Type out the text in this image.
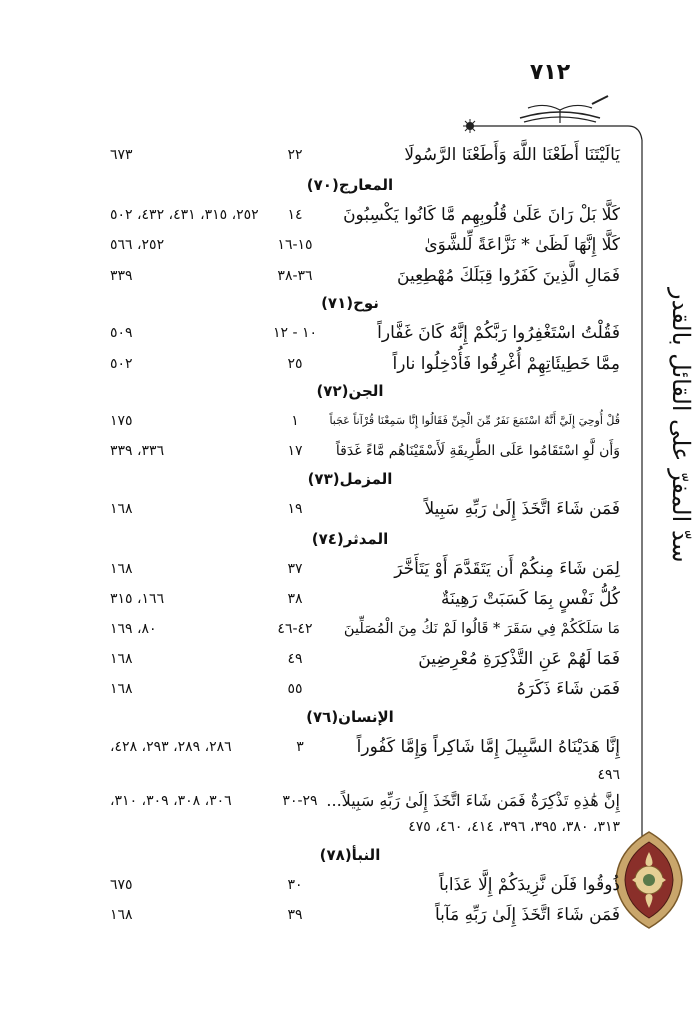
٧١٢
سدّ المفرّ على القائل بالقدر
٦٧٣	٢٢	يَالَيْتَنَا أَطَعْنَا اللَّهَ وَأَطَعْنَا الرَّسُولَا
المعارج(٧٠)
٢٥٢، ٣١٥، ٤٣١، ٤٣٢، ٥٠٢	١٤	كَلَّا بَلْ رَانَ عَلَىٰ قُلُوبِهِم مَّا كَانُوا يَكْسِبُونَ
٢٥٢، ٥٦٦	١٥-١٦	كَلَّا إِنَّهَا لَظَىٰ * نَزَّاعَةً لِّلشَّوَىٰ
٣٣٩	٣٦-٣٨	فَمَالِ الَّذِينَ كَفَرُوا قِبَلَكَ مُهْطِعِينَ
نوح(٧١)
٥٠٩	١٠ - ١٢	فَقُلْتُ اسْتَغْفِرُوا رَبَّكُمْ إِنَّهُ كَانَ غَفَّاراً
٥٠٢	٢٥	مِمَّا خَطِيئَاتِهِمْ أُغْرِقُوا فَأُدْخِلُوا ناراً
الجن(٧٢)
١٧٥	١	قُلْ أُوحِيَ إِلَيَّ أَنَّهُ اسْتَمَعَ نَفَرٌ مِّنَ الْجِنِّ فَقَالُوا إِنَّا سَمِعْنَا قُرْآناً عَجَباً
٣٣٦، ٣٣٩	١٧	وَأَن لَّوِ اسْتَقَامُوا عَلَى الطَّرِيقَةِ لَأَسْقَيْنَاهُم مَّاءً غَدَقاً
المزمل(٧٣)
١٦٨	١٩	فَمَن شَاءَ اتَّخَذَ إِلَىٰ رَبِّهِ سَبِيلاً
المدثر(٧٤)
١٦٨	٣٧	لِمَن شَاءَ مِنكُمْ أَن يَتَقَدَّمَ أَوْ يَتَأَخَّرَ
١٦٦، ٣١٥	٣٨	كُلُّ نَفْسٍ بِمَا كَسَبَتْ رَهِينَةٌ
٨٠، ١٦٩	٤٢-٤٦	مَا سَلَكَكُمْ فِي سَقَرَ * قَالُوا لَمْ نَكُ مِنَ الْمُصَلِّينَ
١٦٨	٤٩	فَمَا لَهُمْ عَنِ التَّذْكِرَةِ مُعْرِضِينَ
١٦٨	٥٥	فَمَن شَاءَ ذَكَرَهُ
الإنسان(٧٦)
٢٨٦، ٢٨٩، ٢٩٣، ٤٢٨،	٣	إِنَّا هَدَيْنَاهُ السَّبِيلَ إِمَّا شَاكِراً وَإِمَّا كَفُوراً
٤٩٦
٣٠٦، ٣٠٨، ٣٠٩، ٣١٠،	٢٩-٣٠ إِنَّ هَٰذِهِ تَذْكِرَةٌ فَمَن شَاءَ اتَّخَذَ إِلَىٰ رَبِّهِ سَبِيلاً...
٣١٣، ٣٨٠، ٣٩٥، ٣٩٦، ٤١٤، ٤٦٠، ٤٧٥
النبأ(٧٨)
٦٧٥	٣٠	ذُوقُوا فَلَن نَّزِيدَكُمْ إِلَّا عَذَاباً
١٦٨	٣٩	فَمَن شَاءَ اتَّخَذَ إِلَىٰ رَبِّهِ مَآباً
